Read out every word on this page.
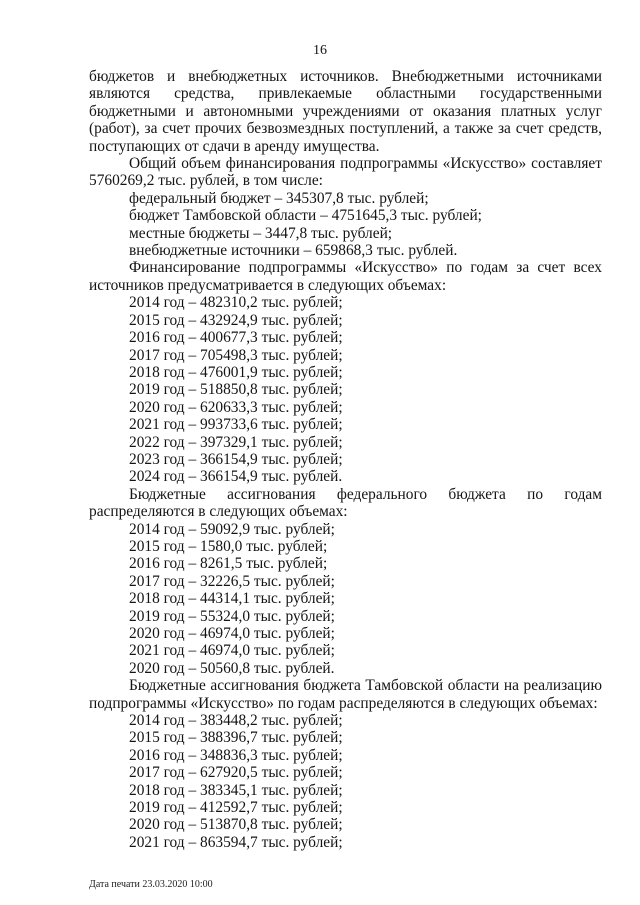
16

бюджетов и внебюджетных источников. Внебюджетными источниками

являются средства, привлекаемые областными государственными

бюджетными и автономными учреждениями от оказания платных услуг

(работ), за счет прочих безвозмездных поступлений, а также за счет средств,

поступающих от сдачи в аренду имущества.

Общий объем финансирования подпрограммы «Искусство» составляет

5760269,2 тыс. рублей, в том числе:

федеральный бюджет – 345307,8 тыс. рублей;

бюджет Тамбовской области – 4751645,3 тыс. рублей;

местные бюджеты – 3447,8 тыс. рублей;

внебюджетные источники – 659868,3 тыс. рублей.

Финансирование подпрограммы «Искусство» по годам за счет всех

источников предусматривается в следующих объемах:

2014 год – 482310,2 тыс. рублей;

2015 год – 432924,9 тыс. рублей;

2016 год – 400677,3 тыс. рублей;

2017 год – 705498,3 тыс. рублей;

2018 год – 476001,9 тыс. рублей;

2019 год – 518850,8 тыс. рублей;

2020 год – 620633,3 тыс. рублей;

2021 год – 993733,6 тыс. рублей;

2022 год – 397329,1 тыс. рублей;

2023 год – 366154,9 тыс. рублей;

2024 год – 366154,9 тыс. рублей.

Бюджетные ассигнования федерального бюджета по годам

распределяются в следующих объемах:

2014 год – 59092,9 тыс. рублей;

2015 год – 1580,0 тыс. рублей;

2016 год – 8261,5 тыс. рублей;

2017 год – 32226,5 тыс. рублей;

2018 год – 44314,1 тыс. рублей;

2019 год – 55324,0 тыс. рублей;

2020 год – 46974,0 тыс. рублей;

2021 год – 46974,0 тыс. рублей;

2020 год – 50560,8 тыс. рублей.

Бюджетные ассигнования бюджета Тамбовской области на реализацию

подпрограммы «Искусство» по годам распределяются в следующих объемах:

2014 год – 383448,2 тыс. рублей;

2015 год – 388396,7 тыс. рублей;

2016 год – 348836,3 тыс. рублей;

2017 год – 627920,5 тыс. рублей;

2018 год – 383345,1 тыс. рублей;

2019 год – 412592,7 тыс. рублей;

2020 год – 513870,8 тыс. рублей;

2021 год – 863594,7 тыс. рублей;

Дата печати 23.03.2020 10:00
